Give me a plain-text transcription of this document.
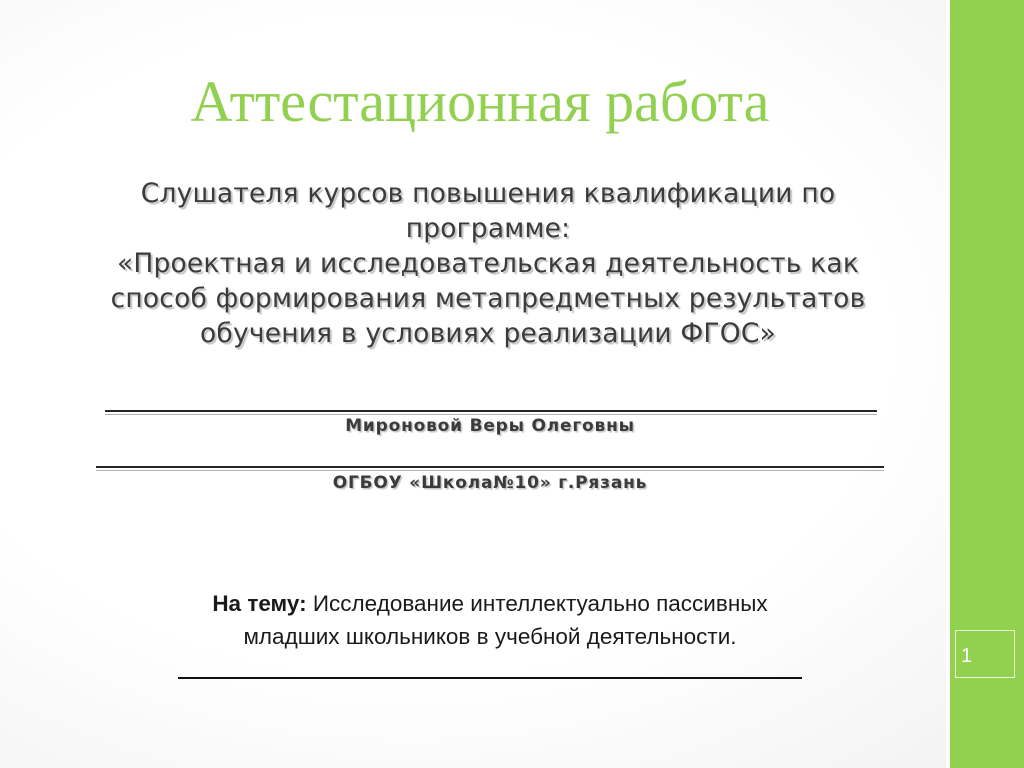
Аттестационная работа
Слушателя курсов повышения квалификации по
программе:
«Проектная и исследовательская деятельность как
способ формирования метапредметных результатов
обучения в условиях реализации ФГОС»
Мироновой Веры Олеговны
ОГБОУ «Школа№10» г.Рязань
На тему: Исследование интеллектуально пассивных
младших школьников в учебной деятельности.
1
